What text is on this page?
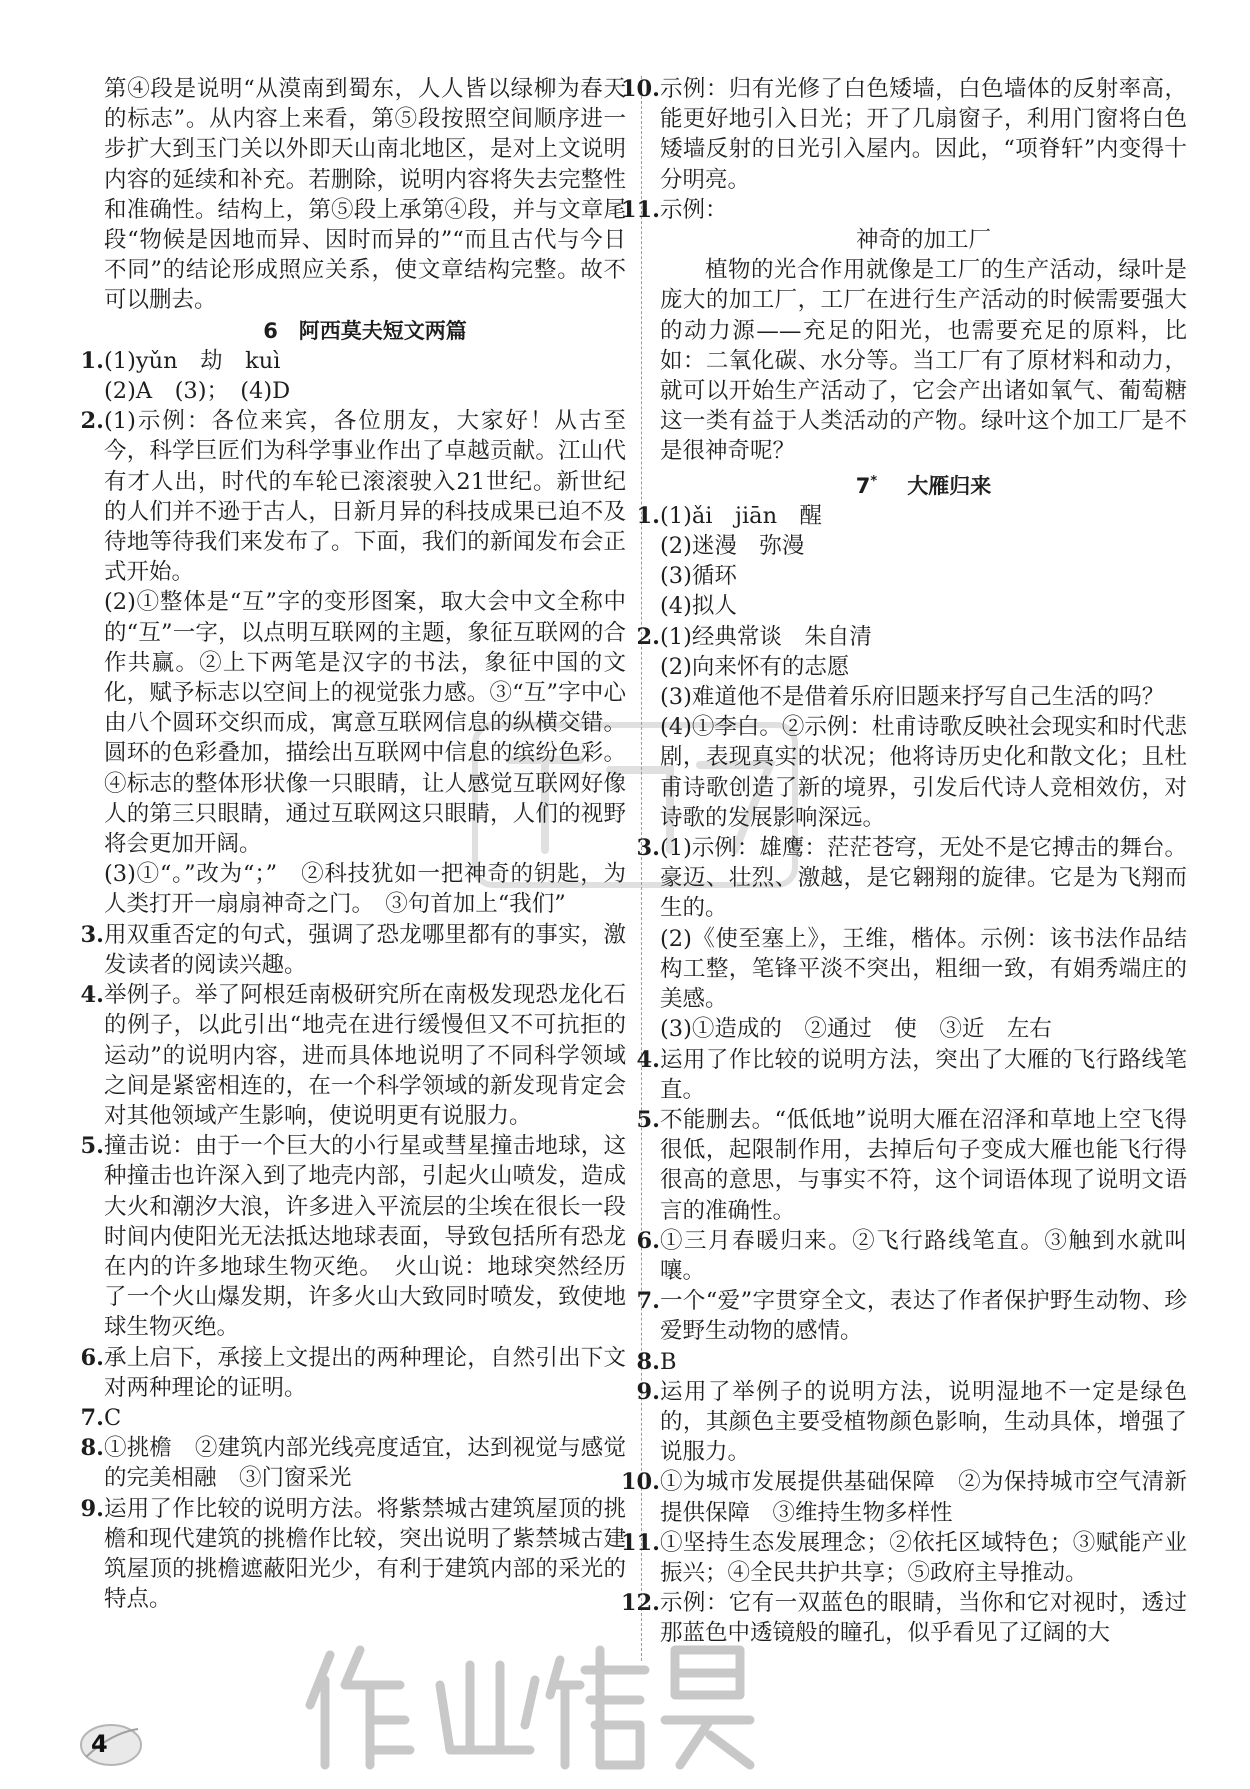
第④段是说明“从漠南到蜀东，人人皆以绿柳为春天的标志”。从内容上来看，第⑤段按照空间顺序进一步扩大到玉门关以外即天山南北地区，是对上文说明内容的延续和补充。若删除，说明内容将失去完整性和准确性。结构上，第⑤段上承第④段，并与文章尾段“物候是因地而异、因时而异的”“而且古代与今日不同”的结论形成照应关系，使文章结构完整。故不可以删去。

6　阿西莫夫短文两篇

1. (1)yǔn　劫　kuì

(2)A　(3)；　(4)D

2. (1)示例：各位来宾，各位朋友，大家好！从古至今，科学巨匠们为科学事业作出了卓越贡献。江山代有才人出，时代的车轮已滚滚驶入21世纪。新世纪的人们并不逊于古人，日新月异的科技成果已迫不及待地等待我们来发布了。下面，我们的新闻发布会正式开始。

(2)①整体是“互”字的变形图案，取大会中文全称中的“互”一字，以点明互联网的主题，象征互联网的合作共赢。②上下两笔是汉字的书法，象征中国的文化，赋予标志以空间上的视觉张力感。③“互”字中心由八个圆环交织而成，寓意互联网信息的纵横交错。圆环的色彩叠加，描绘出互联网中信息的缤纷色彩。④标志的整体形状像一只眼睛，让人感觉互联网好像人的第三只眼睛，通过互联网这只眼睛，人们的视野将会更加开阔。

(3)①“。”改为“；”　②科技犹如一把神奇的钥匙，为人类打开一扇扇神奇之门。　③句首加上“我们”

3. 用双重否定的句式，强调了恐龙哪里都有的事实，激发读者的阅读兴趣。

4. 举例子。举了阿根廷南极研究所在南极发现恐龙化石的例子，以此引出“地壳在进行缓慢但又不可抗拒的运动”的说明内容，进而具体地说明了不同科学领域之间是紧密相连的，在一个科学领域的新发现肯定会对其他领域产生影响，使说明更有说服力。

5. 撞击说：由于一个巨大的小行星或彗星撞击地球，这种撞击也许深入到了地壳内部，引起火山喷发，造成大火和潮汐大浪，许多进入平流层的尘埃在很长一段时间内使阳光无法抵达地球表面，导致包括所有恐龙在内的许多地球生物灭绝。　火山说：地球突然经历了一个火山爆发期，许多火山大致同时喷发，致使地球生物灭绝。

6. 承上启下，承接上文提出的两种理论，自然引出下文对两种理论的证明。

7. C

8. ①挑檐　②建筑内部光线亮度适宜，达到视觉与感觉的完美相融　③门窗采光

9. 运用了作比较的说明方法。将紫禁城古建筑屋顶的挑檐和现代建筑的挑檐作比较，突出说明了紫禁城古建筑屋顶的挑檐遮蔽阳光少，有利于建筑内部的采光的特点。

10. 示例：归有光修了白色矮墙，白色墙体的反射率高，能更好地引入日光；开了几扇窗子，利用门窗将白色矮墙反射的日光引入屋内。因此，“项脊轩”内变得十分明亮。

11. 示例：

神奇的加工厂

植物的光合作用就像是工厂的生产活动，绿叶是庞大的加工厂，工厂在进行生产活动的时候需要强大的动力源——充足的阳光，也需要充足的原料，比如：二氧化碳、水分等。当工厂有了原材料和动力，就可以开始生产活动了，它会产出诸如氧气、葡萄糖这一类有益于人类活动的产物。绿叶这个加工厂是不是很神奇呢？

7* 大雁归来

1. (1)ǎi　jiān　醒

(2)迷漫　弥漫

(3)循环

(4)拟人

2. (1)经典常谈　朱自清

(2)向来怀有的志愿

(3)难道他不是借着乐府旧题来抒写自己生活的吗？

(4)①李白。②示例：杜甫诗歌反映社会现实和时代悲剧，表现真实的状况；他将诗历史化和散文化；且杜甫诗歌创造了新的境界，引发后代诗人竞相效仿，对诗歌的发展影响深远。

3. (1)示例：雄鹰：茫茫苍穹，无处不是它搏击的舞台。豪迈、壮烈、激越，是它翱翔的旋律。它是为飞翔而生的。

(2)《使至塞上》，王维，楷体。示例：该书法作品结构工整，笔锋平淡不突出，粗细一致，有娟秀端庄的美感。

(3)①造成的　②通过　使　③近　左右

4. 运用了作比较的说明方法，突出了大雁的飞行路线笔直。

5. 不能删去。“低低地”说明大雁在沼泽和草地上空飞得很低，起限制作用，去掉后句子变成大雁也能飞行得很高的意思，与事实不符，这个词语体现了说明文语言的准确性。

6. ①三月春暖归来。②飞行路线笔直。③触到水就叫嚷。

7. 一个“爱”字贯穿全文，表达了作者保护野生动物、珍爱野生动物的感情。

8. B

9. 运用了举例子的说明方法，说明湿地不一定是绿色的，其颜色主要受植物颜色影响，生动具体，增强了说服力。

10. ①为城市发展提供基础保障　②为保持城市空气清新提供保障　③维持生物多样性

11. ①坚持生态发展理念；②依托区域特色；③赋能产业振兴；④全民共护共享；⑤政府主导推动。

12. 示例：它有一双蓝色的眼睛，当你和它对视时，透过那蓝色中透镜般的瞳孔，似乎看见了辽阔的大

4
